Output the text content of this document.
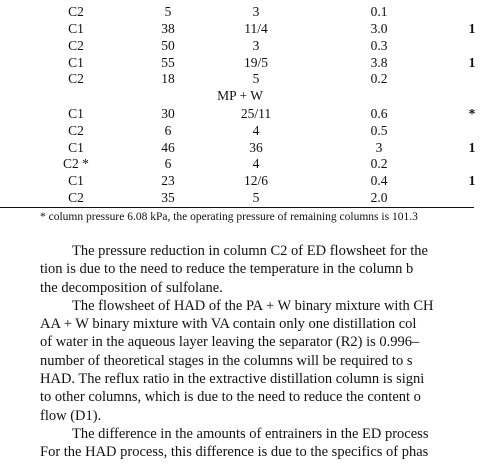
C2	5	3	0.1
C1	38	11/4	3.0	1
C2	50	3	0.3
C1	55	19/5	3.8	1
C2	18	5	0.2
MP + W
C1	30	25/11	0.6	*
C2	6	4	0.5
C1	46	36	3	1
C2 *	6	4	0.2
C1	23	12/6	0.4	1
C2	35	5	2.0
* column pressure 6.08 kPa, the operating pressure of remaining columns is 101.3

The pressure reduction in column C2 of ED flowsheet for the
tion is due to the need to reduce the temperature in the column b
the decomposition of sulfolane.

The flowsheet of HAD of the PA + W binary mixture with CH
AA + W binary mixture with VA contain only one distillation col
of water in the aqueous layer leaving the separator (R2) is 0.996–
number of theoretical stages in the columns will be required to s
HAD. The reflux ratio in the extractive distillation column is signi
to other columns, which is due to the need to reduce the content o
flow (D1).

The difference in the amounts of entrainers in the ED process
For the HAD process, this difference is due to the specifics of phas
